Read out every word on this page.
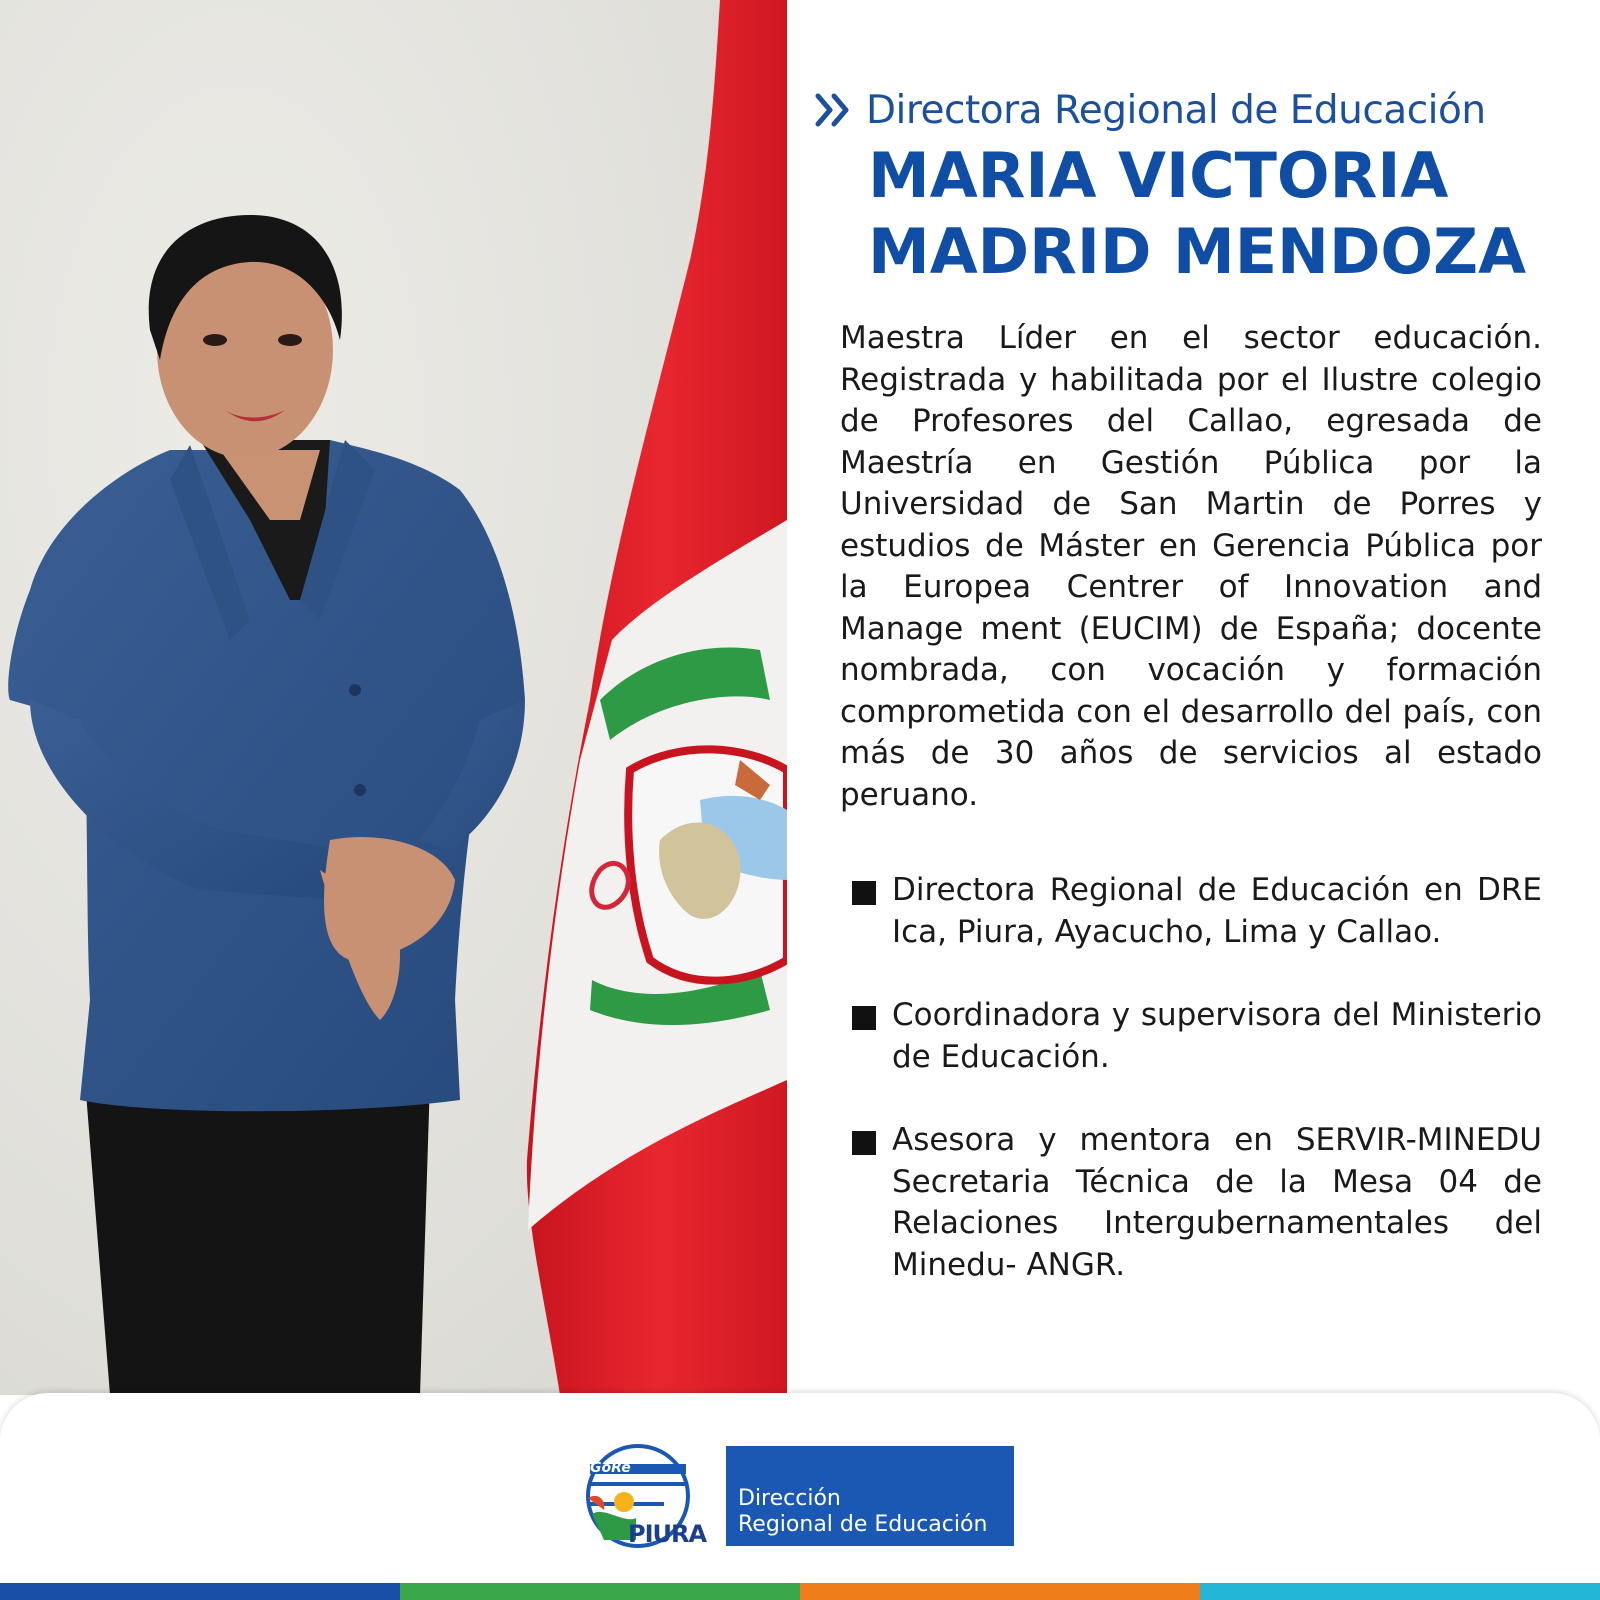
Directora Regional de Educación
MARIA VICTORIA
MADRID MENDOZA

Maestra Líder en el sector educación. Registrada y habilitada por el Ilustre colegio de Profesores del Callao, egresada de Maestría en Gestión Pública por la Universidad de San Martin de Porres y estudios de Máster en Gerencia Pública por la Europea Centrer of Innovation and Manage ment (EUCIM) de España; docente nombrada, con vocación y formación comprometida con el desarrollo del país, con más de 30 años de servicios al estado peruano.

Directora Regional de Educación en DRE Ica, Piura, Ayacucho, Lima y Callao.
Coordinadora y supervisora del Ministerio de Educación.
Asesora y mentora en SERVIR-MINEDU Secretaria Técnica de la Mesa 04 de Relaciones Intergubernamentales del Minedu- ANGR.
GoRe
PIURA
Dirección
Regional de Educación
